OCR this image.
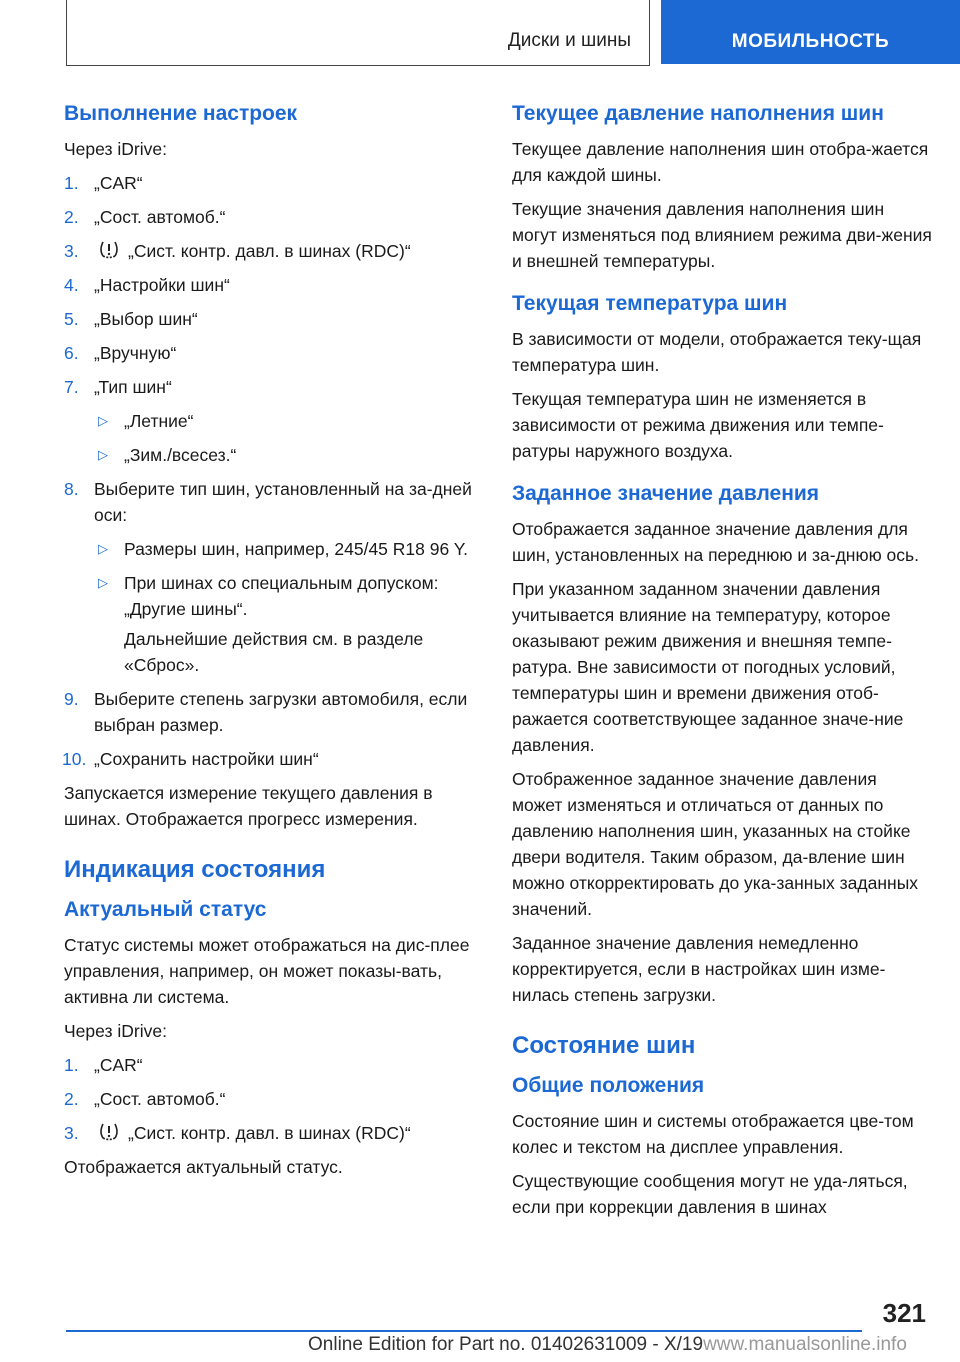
Диски и шины	МОБИЛЬНОСТЬ
Выполнение настроек

Через iDrive:

1. „CAR“
2. „Сост. автомоб.“
3.	„Сист. контр. давл. в шинах (RDC)“
4. „Настройки шин“
5. „Выбор шин“
6. „Вручную“
7. „Тип шин“
▷ „Летние“
▷ „Зим./всесез.“
8. Выберите тип шин, установленный на за-дней оси:
▷ Размеры шин, например, 245/45 R18 96 Y.
▷ При шинах со специальным допуском: „Другие шины“.

Дальнейшие действия см. в разделе «Сброс».

9. Выберите степень загрузки автомобиля, если выбран размер.
10. „Сохранить настройки шин“

Запускается измерение текущего давления в шинах. Отображается прогресс измерения.

Индикация состояния
Актуальный статус

Статус системы может отображаться на дис-плее управления, например, он может показы-вать, активна ли система.

Через iDrive:

1. „CAR“
2. „Сост. автомоб.“
3.	„Сист. контр. давл. в шинах (RDC)“

Отображается актуальный статус.

Текущее давление наполнения шин

Текущее давление наполнения шин отобра-жается для каждой шины.

Текущие значения давления наполнения шин могут изменяться под влиянием режима дви-жения и внешней температуры.

Текущая температура шин

В зависимости от модели, отображается теку-щая температура шин.

Текущая температура шин не изменяется в зависимости от режима движения или темпе-ратуры наружного воздуха.

Заданное значение давления

Отображается заданное значение давления для шин, установленных на переднюю и за-днюю ось.

При указанном заданном значении давления учитывается влияние на температуру, которое оказывают режим движения и внешняя темпе-ратура. Вне зависимости от погодных условий, температуры шин и времени движения отоб-ражается соответствующее заданное значе-ние давления.

Отображенное заданное значение давления может изменяться и отличаться от данных по давлению наполнения шин, указанных на стойке двери водителя. Таким образом, да-вление шин можно откорректировать до ука-занных заданных значений.

Заданное значение давления немедленно корректируется, если в настройках шин изме-нилась степень загрузки.

Состояние шин
Общие положения

Состояние шин и системы отображается цве-том колес и текстом на дисплее управления.

Существующие сообщения могут не уда-ляться, если при коррекции давления в шинах

321
Online Edition for Part no. 01402631009 - X/19www.manualsonline.info
